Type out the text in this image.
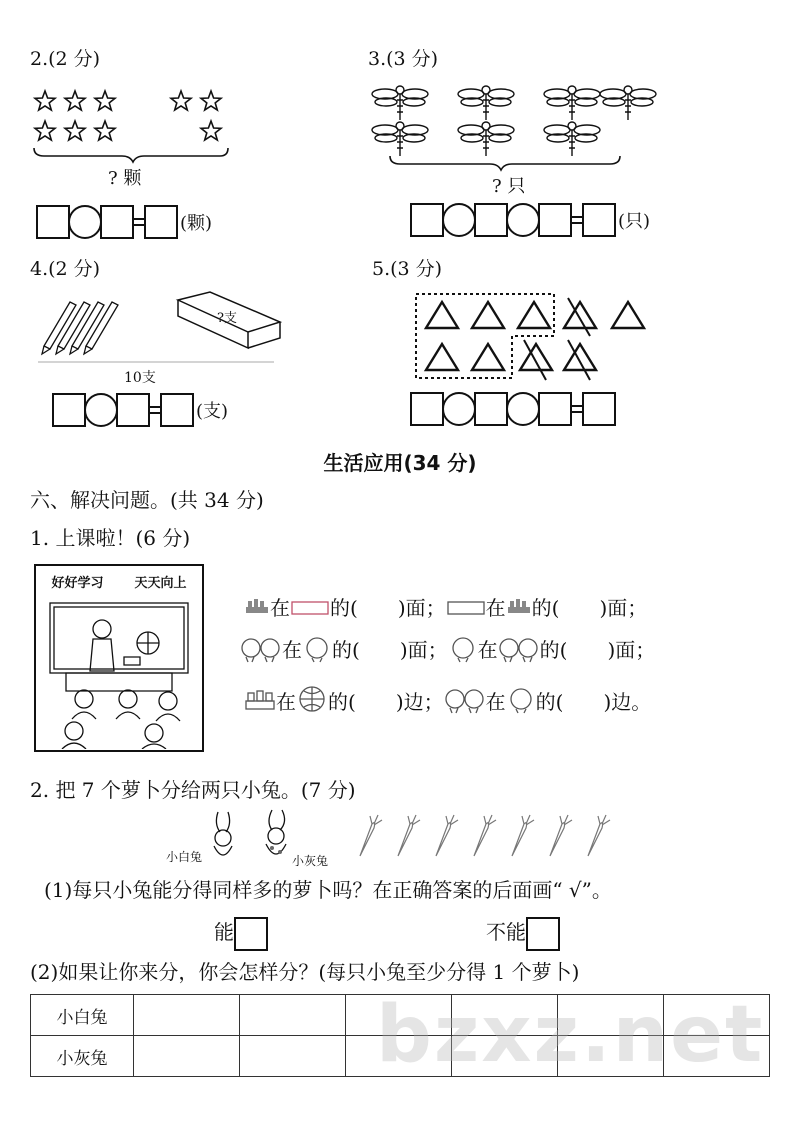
2.(2 分)
? 颗
(颗)
3.(3 分)
? 只
(只)
4.(2 分)
?支
10支
(支)
5.(3 分)
生活应用(34 分)
六、解决问题。(共 34 分)
1. 上课啦！(6 分)
好好学习 天天向上
在 的( )面； 在 的( )面；
在 的( )面； 在 的( )面；
在 的( )边； 在 的( )边。
2. 把 7 个萝卜分给两只小兔。(7 分)
小白兔	小灰兔
(1)每只小兔能分得同样多的萝卜吗？在正确答案的后面画“ √”。
能	不能
(2)如果让你来分，你会怎样分？(每只小兔至少分得 1 个萝卜)
小白兔						
小灰兔							bzxz.net
